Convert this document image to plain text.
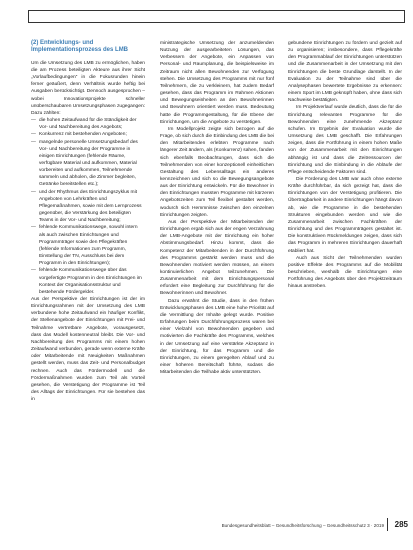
(2) Entwicklungs- und Implementationsprozess des LMB

Um die Umsetzung des LMB zu ermöglichen, haben die am Prozess beteiligten Akteure aus ihrer Sicht „Vorlaufbedingungen“ in die Fokusrunden hinein ferner geäußert, denn Verhältnis wurde heftig bei Ausgaben berücksichtigt. Dennoch ausgesprochen – wobei Innovationsprojekte schneller unüberschaubaren Umsetzungsphasen zugegangen: Dazu zählten:

— die hohen Zeitaufwand für die Ständigkeit der Vor- und Nachbereitung des Angebots;
— Konkurrenz mit bestehenden Angeboten;
— mangelnde personelle Umsetzungsbedarf des Vor- und Nachbereitung der Programme in einigen Einrichtungen (fehlende Räume, verfügbare Material und aufkommen, Material vorbereiten und aufkommen, Teilnehmende sammeln und abholen, die Zimmer begleiten, Getränke bereitstellen etc.);
— und der Rhythmus des Einrichtungszyklus mit Angeboten von Lehrkräften und Pflegemaßnahmen, sowie mit dem Lernprozess gegenüber, die Verstärkung des beteiligten Teams in der Vor- und Nachbereitung;
— fehlende Kommunikationswege, sowohl intern als auch zwischen Einrichtungen und Programmträger sowie den Pflegekräften (fehlende Informationen zum Programm, Einstellung der TN, Ausschluss bei dem Programm in den Einrichtungen);
— fehlende Kommunikationswege über das vorgefertigte Programm in den Einrichtungen im Kontext der Organisationsstruktur und bestehende Fördergelder.

Aus der Perspektive der Einrichtungen ist der im Einrichtungsrahmen mit der Umsetzung des LMB verbundene hohe Zeitaufwand ein häufiger Konflikt, der Stellenangebote der Einrichtungen mit Frei- und Teilnahme vertretbare Angebote, vorausgesetzt, dass das Modell kostenneutral bleibt. Die Vor- und Nachbereitung des Programms mit einem hohen Zeitaufwand verbunden, gerade wenn externe Kräfte oder Mitarbeitende mit Neuigkeiten Maßnahmen gestellt werden, muss das Zeit- und Personalbudget rechnen. Auch das Fördermodell und die Fördermaßnahmen wurden zum Teil als Vorteil gesehen, die Verstetigung der Programme ist Teil des Alltags der Einrichtungen. Für sie bestehen das in

ministrategische Umsetzung der anzumeldenden Nutzung der ausgearbeiteten Lösungen, das Verbessern der Angebote, ein Anpassen von Personal- und Raumplanung, die beispielsweise im Zeitraum nicht allen Bewohnenden zur Verfügung stehen. Die Umsetzung des Programms mit nur fünf Teilnehmern, die zu verkleinern, hat zudem Bedarf gesehen, dass das Programm im Rahmen Aktionen und Bewegungseinheiten an den Bewohnerinnen und Bewohnern orientiert werden muss. Bedeutung hatte die Programmgestaltung, für die Ebene der Einrichtungen, um die Angebote zu verstetigen.

Im Modellprojekt zeigte sich bezogen auf die Frage, ob sich durch die Einbindung des LMB die bei den Mitarbeitenden erlebten Programme nach längerer Zeit ändern, als (Konkurrenz) sahen, fanden sich ebenfalls Beobachtungen, dass sich die Teilnehmenden von einer konzeptionell einheitlichen Gestaltung des Lebensalltags ein anderes kennzeichnen und sich so die Bewegungsangebote aus der Einrichtung entwickeln. Für die Bewohner in den Einrichtungen mussten Programme mit kürzeren Angebotszeiten zum Teil flexibel gestaltet werden, wodurch sich Hemmnisse zwischen den einzelnen Einrichtungen zeigten.

Aus der Perspektive der Mitarbeitenden der Einrichtungen ergab sich aus der engen Verzahnung der LMB-Angebote mit der Einrichtung ein hoher Abstimmungsbedarf. Hinzu kommt, dass die Kompetenz der Mitarbeitenden in der Durchführung des Programms gestärkt werden muss und die Bewohnenden motiviert werden müssen, an einem kontinuierlichen Angebot teilzunehmen. Die Zusammenarbeit mit dem Einrichtungspersonal erfordert eine Begleitung zur Durchführung für die Bewohnerinnen und Bewohner.

Dazu erwähnt die Studie, dass in den frühen Entwicklungsphasen des LMB eine hohe Priorität auf die Vermittlung der Inhalte gelegt wurde. Positive Erfahrungen beim Durchführungsprozess waren bei einer Vielzahl von Bewohnenden gegeben und motivierten die Fachkräfte des Programms, welches in der Umsetzung auf eine verstärkte Akzeptanz in der Einrichtung, für das Programm und die Einrichtungen, zu einem geregelten Ablauf und zu einer höheren Bereitschaft führte, sodass die Mitarbeitenden die Teilhabe aktiv unterstützten.

gebundene Einrichtungen zu fördern und gezielt auf zu organisieren; insbesondere, dass Pflegekräfte den Programmablauf der Einrichtungen unterstützen und die Zusammenarbeit in der Umsetzung mit den Einrichtungen die beste Grundlage darstellt. In der Evaluation zu der Teilnahme sind über die Analysephasen bewertete Ergebnisse zu erkennen: einem Sport im LMB geknüpft haben, ohne dass sich Nachweise bestätigten.

Im Projektverlauf wurde deutlich, dass die für die Einrichtung relevanten Programme für die Bewohnenden eine zunehmende Akzeptanz schufen. Im Ergebnis der Evaluation wurde die Umsetzung des LMB geschafft. Die Erfahrungen zeigen, dass die Fortführung in einem hohen Maße von der Zusammenarbeit mit den Einrichtungen abhängig ist und dass die Zeitressourcen der Einrichtung und die Einbindung in die Abläufe der Pflege entscheidende Faktoren sind.

Die Förderung des LMB war auch ohne externe Kräfte durchführbar, da sich gezeigt hat, dass die Einrichtungen von der Verstetigung profitieren. Die Übertragbarkeit in andere Einrichtungen hängt davon ab, wie die Programme in die bestehenden Strukturen eingebunden werden und wie die Zusammenarbeit zwischen Fachkräften der Einrichtung und des Programmträgers gestaltet ist. Die konstruktiven Rückmeldungen zeigen, dass sich das Programm in mehreren Einrichtungen dauerhaft etabliert hat.

Auch aus Sicht der Teilnehmenden wurden positive Effekte des Programms auf die Mobilität beschrieben, weshalb die Einrichtungen eine Fortführung des Angebots über den Projektzeitraum hinaus anstreben.

Bundesgesundheitsblatt – Gesundheitsforschung – Gesundheitsschutz 3 · 2019	285
